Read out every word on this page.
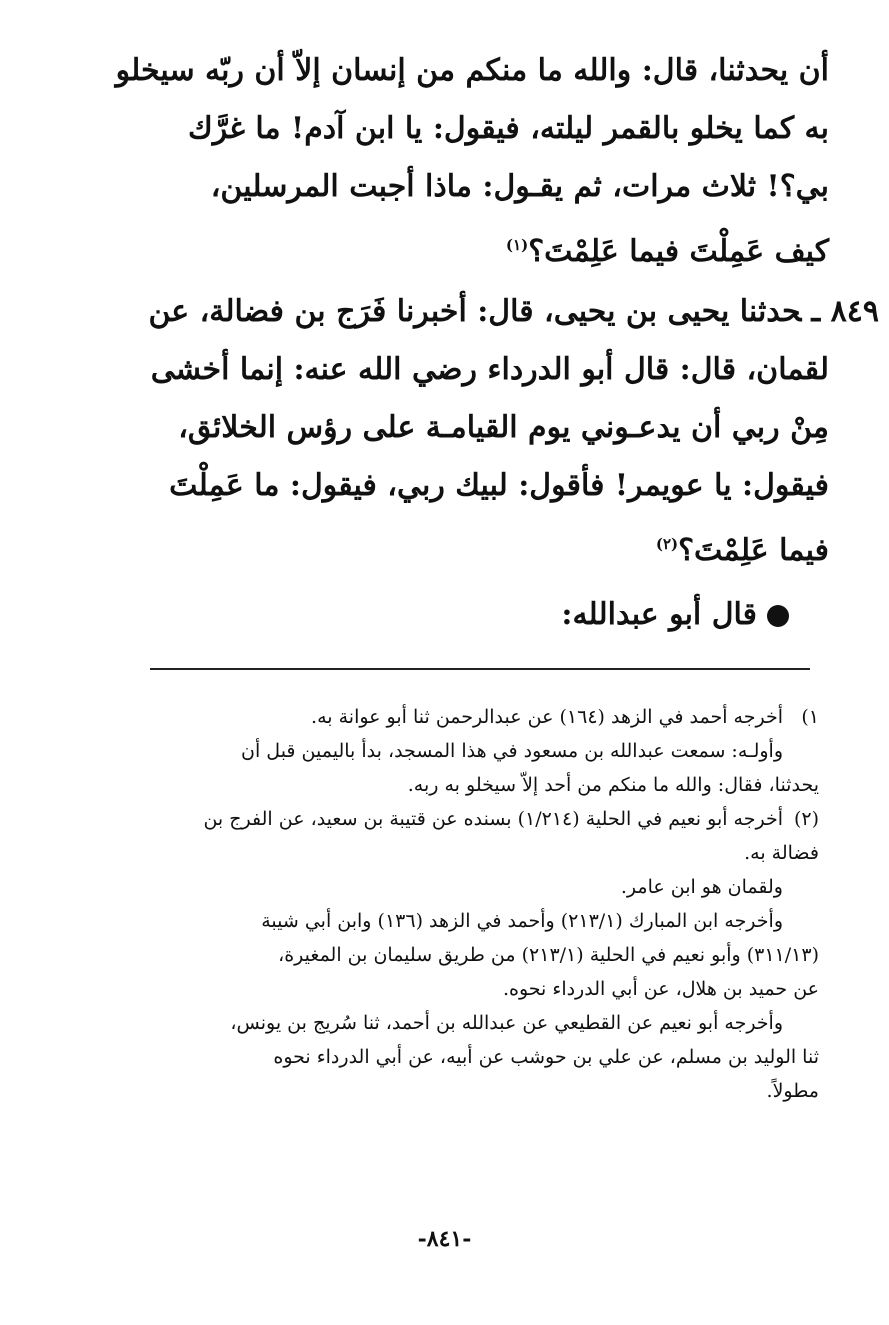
أن يحدثنا، قال: والله ما منكم من إنسان إلاّ أن ربّه سيخلو
به كما يخلو بالقمر ليلته، فيقول: يا ابن آدم! ما غرَّك
بي؟! ثلاث مرات، ثم يقـول: ماذا أجبت المرسلين،
كيف عَمِلْتَ فيما عَلِمْتَ؟$^{(١)}$
٨٤٩ ـحدثنا يحيى بن يحيى، قال: أخبرنا فَرَج بن فضالة، عن
لقمان، قال: قال أبو الدرداء رضي الله عنه: إنما أخشى
مِنْ ربي أن يدعـوني يوم القيامـة على رؤس الخلائق،
فيقول: يا عويمر! فأقول: لبيك ربي، فيقول: ما عَمِلْتَ
فيما عَلِمْتَ؟$^{(٢)}$
قال أبو عبدالله:
١)أخرجه أحمد في الزهد (١٦٤) عن عبدالرحمن ثنا أبو عوانة به.
وأولـه: سمعت عبدالله بن مسعود في هذا المسجد، بدأ باليمين قبل أن
يحدثنا، فقال: والله ما منكم من أحد إلاّ سيخلو به ربه.
(٢)أخرجه أبو نعيم في الحلية (١/٢١٤) بسنده عن قتيبة بن سعيد، عن الفرج بن
فضالة به.
ولقمان هو ابن عامر.
وأخرجه ابن المبارك (٢١٣/١) وأحمد في الزهد (١٣٦) وابن أبي شيبة
(٣١١/١٣) وأبو نعيم في الحلية (٢١٣/١) من طريق سليمان بن المغيرة،
عن حميد بن هلال، عن أبي الدرداء نحوه.
وأخرجه أبو نعيم عن القطيعي عن عبدالله بن أحمد، ثنا سُريج بن يونس،
ثنا الوليد بن مسلم، عن علي بن حوشب عن أبيه، عن أبي الدرداء نحوه
مطولاً.
-٨٤١-
